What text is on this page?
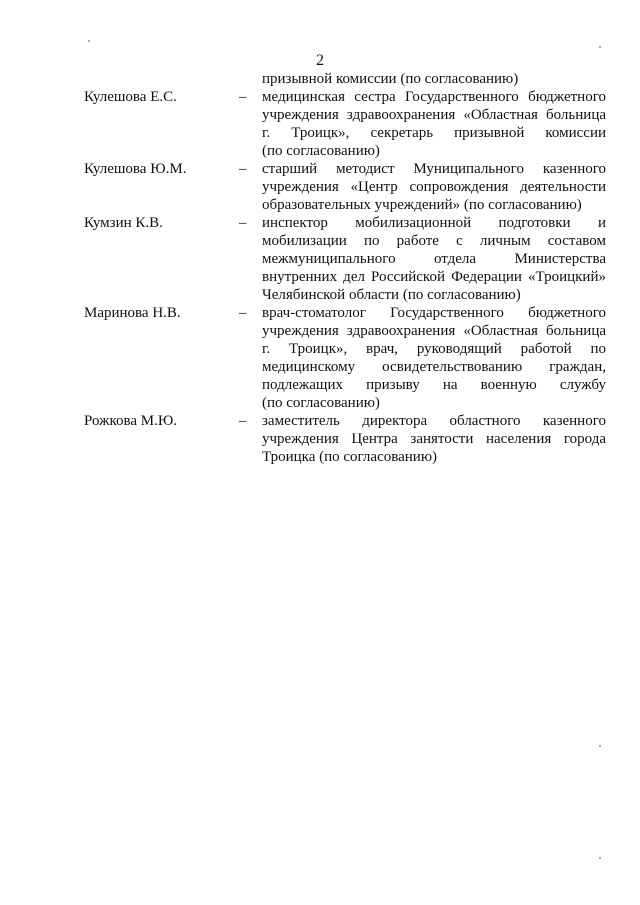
2
призывной комиссии (по согласованию)
Кулешова Е.С.	– медицинская сестра Государственного бюджетного
учреждения здравоохранения «Областная больница
г. Троицк», секретарь призывной комиссии
(по согласованию)
Кулешова Ю.М.	– старший методист Муниципального казенного
учреждения «Центр сопровождения деятельности
образовательных учреждений» (по согласованию)
Кумзин К.В.	– инспектор мобилизационной подготовки и
мобилизации по работе с личным составом
межмуниципального отдела Министерства
внутренних дел Российской Федерации «Троицкий»
Челябинской области (по согласованию)
Маринова Н.В.	– врач-стоматолог Государственного бюджетного
учреждения здравоохранения «Областная больница
г. Троицк», врач, руководящий работой по
медицинскому освидетельствованию граждан,
подлежащих призыву на военную службу
(по согласованию)
Рожкова М.Ю.	– заместитель директора областного казенного
учреждения Центра занятости населения города
Троицка (по согласованию)
